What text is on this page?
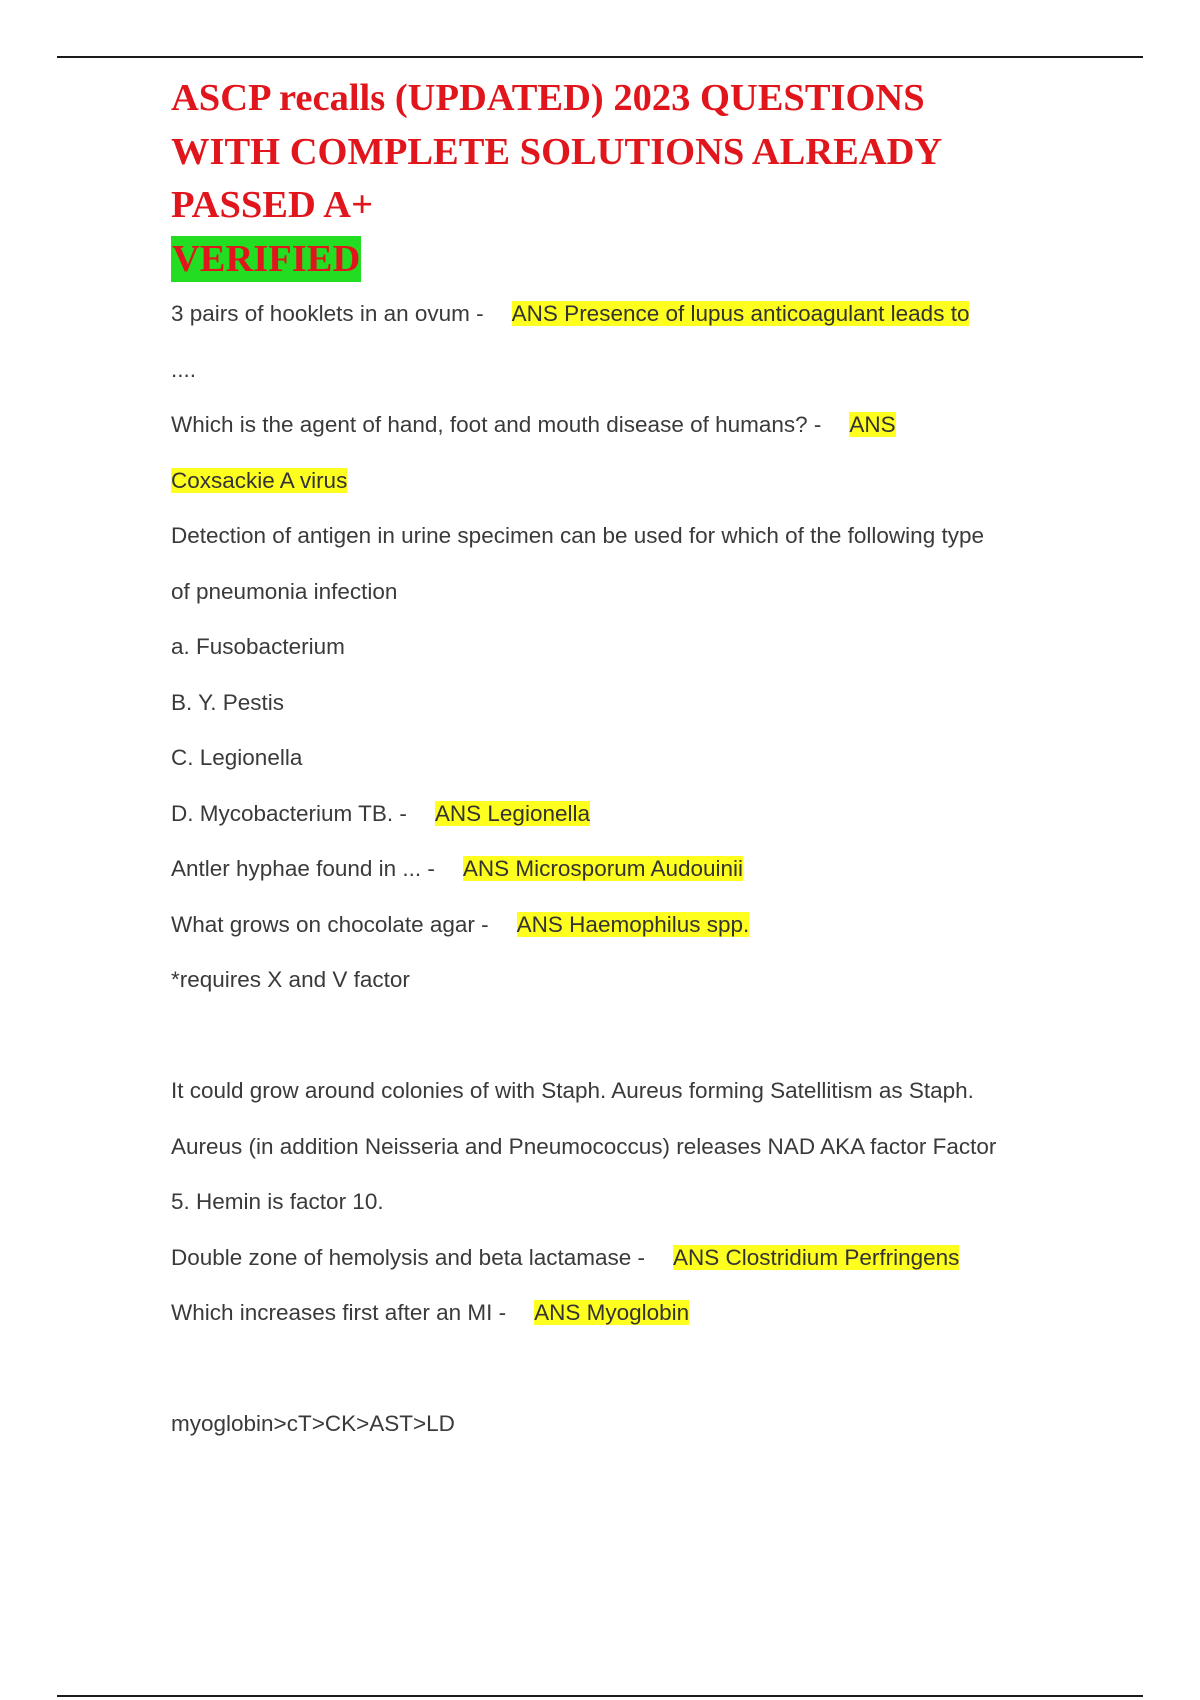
ASCP recalls (UPDATED) 2023 QUESTIONS
WITH COMPLETE SOLUTIONS ALREADY
PASSED A+
VERIFIED
3 pairs of hooklets in an ovum - ANS Presence of lupus anticoagulant leads to
....
Which is the agent of hand, foot and mouth disease of humans? - ANS
Coxsackie A virus
Detection of antigen in urine specimen can be used for which of the following type
of pneumonia infection
a. Fusobacterium
B. Y. Pestis
C. Legionella
D. Mycobacterium TB. - ANS Legionella
Antler hyphae found in ... - ANS Microsporum Audouinii
What grows on chocolate agar - ANS Haemophilus spp.
*requires X and V factor
It could grow around colonies of with Staph. Aureus forming Satellitism as Staph.
Aureus (in addition Neisseria and Pneumococcus) releases NAD AKA factor Factor
5. Hemin is factor 10.
Double zone of hemolysis and beta lactamase - ANS Clostridium Perfringens
Which increases first after an MI - ANS Myoglobin
myoglobin>cT>CK>AST>LD
